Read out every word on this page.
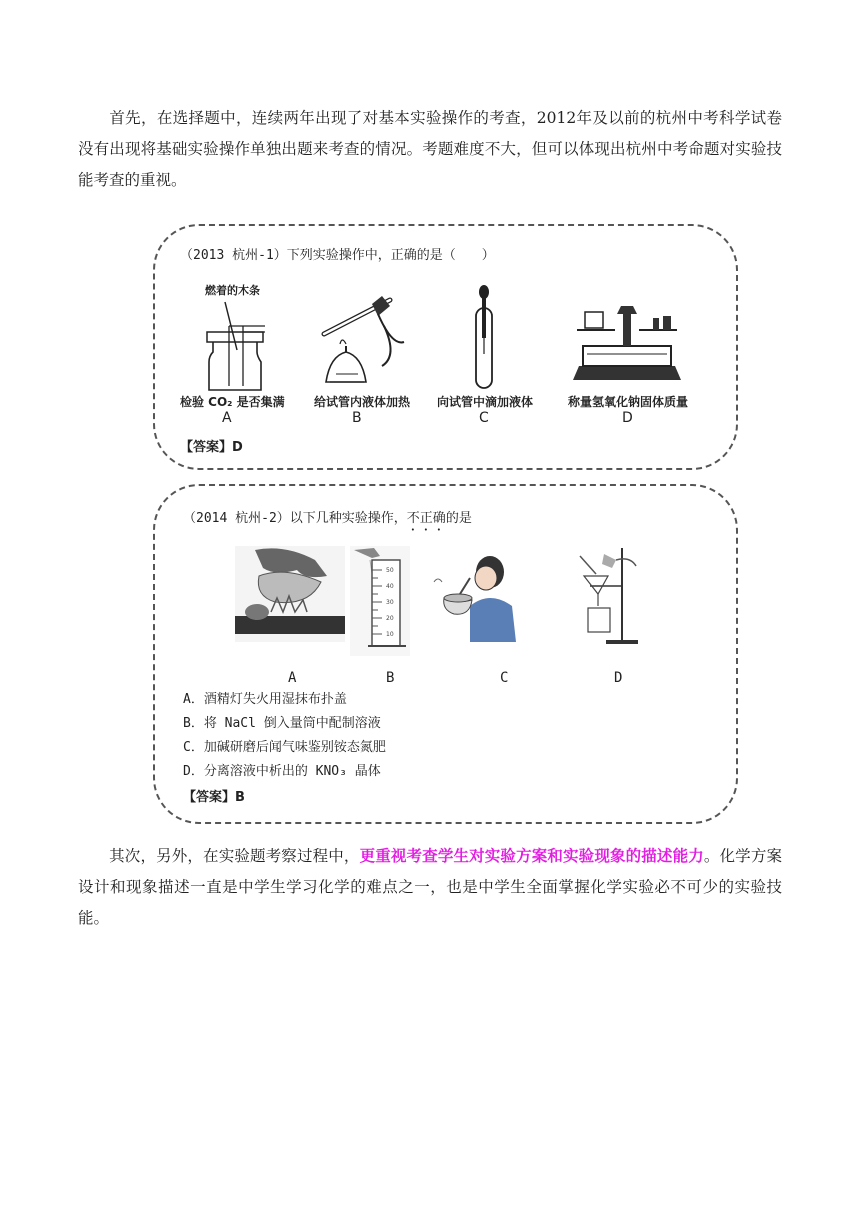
首先，在选择题中，连续两年出现了对基本实验操作的考查，2012年及以前的杭州中考科学试卷没有出现将基础实验操作单独出题来考查的情况。考题难度不大，但可以体现出杭州中考命题对实验技能考查的重视。
（2013 杭州-1）下列实验操作中，正确的是（　　）
燃着的木条
检验 CO₂ 是否集满
A
给试管内液体加热
B
向试管中滴加液体
C
称量氢氧化钠固体质量
D
【答案】D
（2014 杭州-2）以下几种实验操作，不正确的是
50
40
30
20
10
A	B	C	D
A．酒精灯失火用湿抹布扑盖
B．将 NaCl 倒入量筒中配制溶液
C．加碱研磨后闻气味鉴别铵态氮肥
D．分离溶液中析出的 KNO₃ 晶体
【答案】B
其次，另外，在实验题考察过程中，更重视考查学生对实验方案和实验现象的描述能力。化学方案设计和现象描述一直是中学生学习化学的难点之一，也是中学生全面掌握化学实验必不可少的实验技能。
